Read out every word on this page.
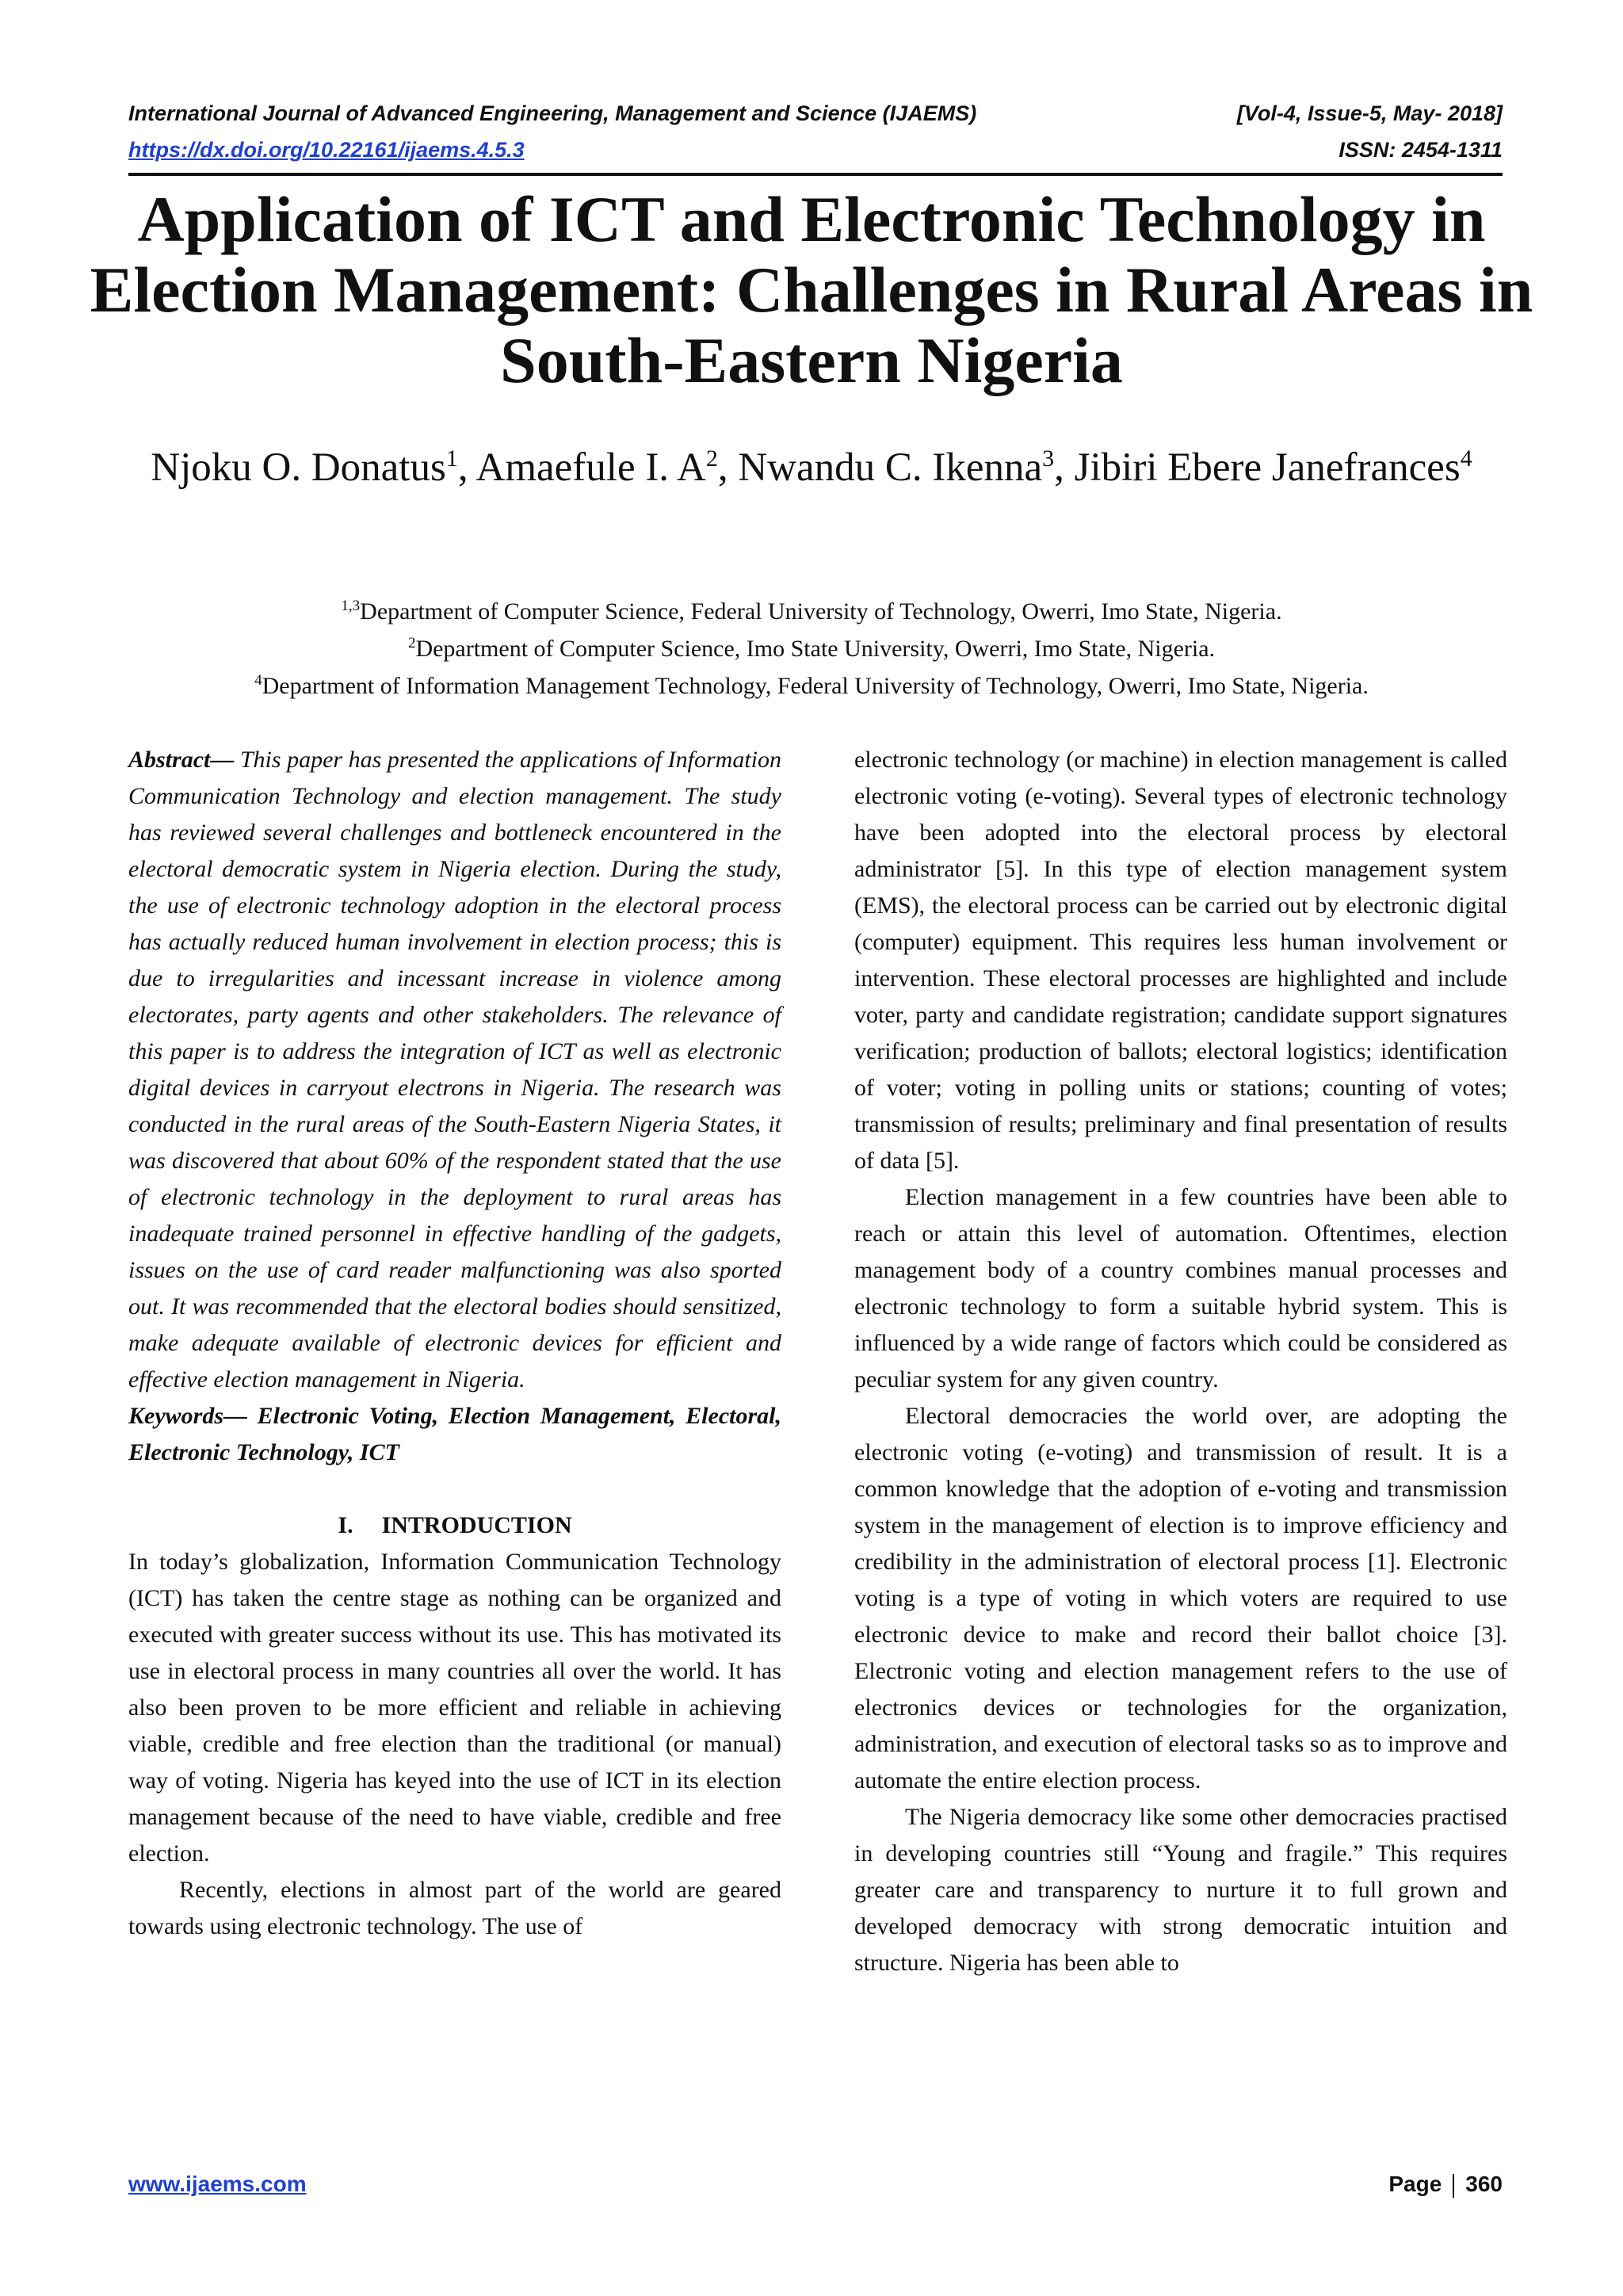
International Journal of Advanced Engineering, Management and Science (IJAEMS)	[Vol-4, Issue-5, May- 2018]
https://dx.doi.org/10.22161/ijaems.4.5.3	ISSN: 2454-1311
Application of ICT and Electronic Technology in Election Management: Challenges in Rural Areas in South-Eastern Nigeria
Njoku O. Donatus$^1$, Amaefule I. $A^2$, Nwandu C. Ikenna$^3$, Jibiri Ebere Janefrances$^4$
$^{1,3}$Department of Computer Science, Federal University of Technology, Owerri, Imo State, Nigeria.
$^2$Department of Computer Science, Imo State University, Owerri, Imo State, Nigeria.
$^4$Department of Information Management Technology, Federal University of Technology, Owerri, Imo State, Nigeria.

Abstract— This paper has presented the applications of Information Communication Technology and election management. The study has reviewed several challenges and bottleneck encountered in the electoral democratic system in Nigeria election. During the study, the use of electronic technology adoption in the electoral process has actually reduced human involvement in election process; this is due to irregularities and incessant increase in violence among electorates, party agents and other stakeholders. The relevance of this paper is to address the integration of ICT as well as electronic digital devices in carryout electrons in Nigeria. The research was conducted in the rural areas of the South-Eastern Nigeria States, it was discovered that about 60% of the respondent stated that the use of electronic technology in the deployment to rural areas has inadequate trained personnel in effective handling of the gadgets, issues on the use of card reader malfunctioning was also sported out. It was recommended that the electoral bodies should sensitized, make adequate available of electronic devices for efficient and effective election management in Nigeria.

Keywords— Electronic Voting, Election Management, Electoral, Electronic Technology, ICT

I. INTRODUCTION

In today’s globalization, Information Communication Technology (ICT) has taken the centre stage as nothing can be organized and executed with greater success without its use. This has motivated its use in electoral process in many countries all over the world. It has also been proven to be more efficient and reliable in achieving viable, credible and free election than the traditional (or manual) way of voting. Nigeria has keyed into the use of ICT in its election management because of the need to have viable, credible and free election.

Recently, elections in almost part of the world are geared towards using electronic technology. The use of

electronic technology (or machine) in election management is called electronic voting (e-voting). Several types of electronic technology have been adopted into the electoral process by electoral administrator [5]. In this type of election management system (EMS), the electoral process can be carried out by electronic digital (computer) equipment. This requires less human involvement or intervention. These electoral processes are highlighted and include voter, party and candidate registration; candidate support signatures verification; production of ballots; electoral logistics; identification of voter; voting in polling units or stations; counting of votes; transmission of results; preliminary and final presentation of results of data [5].

Election management in a few countries have been able to reach or attain this level of automation. Oftentimes, election management body of a country combines manual processes and electronic technology to form a suitable hybrid system. This is influenced by a wide range of factors which could be considered as peculiar system for any given country.

Electoral democracies the world over, are adopting the electronic voting (e-voting) and transmission of result. It is a common knowledge that the adoption of e-voting and transmission system in the management of election is to improve efficiency and credibility in the administration of electoral process [1]. Electronic voting is a type of voting in which voters are required to use electronic device to make and record their ballot choice [3]. Electronic voting and election management refers to the use of electronics devices or technologies for the organization, administration, and execution of electoral tasks so as to improve and automate the entire election process.

The Nigeria democracy like some other democracies practised in developing countries still “Young and fragile.” This requires greater care and transparency to nurture it to full grown and developed democracy with strong democratic intuition and structure. Nigeria has been able to

www.ijaems.com	Page 360
